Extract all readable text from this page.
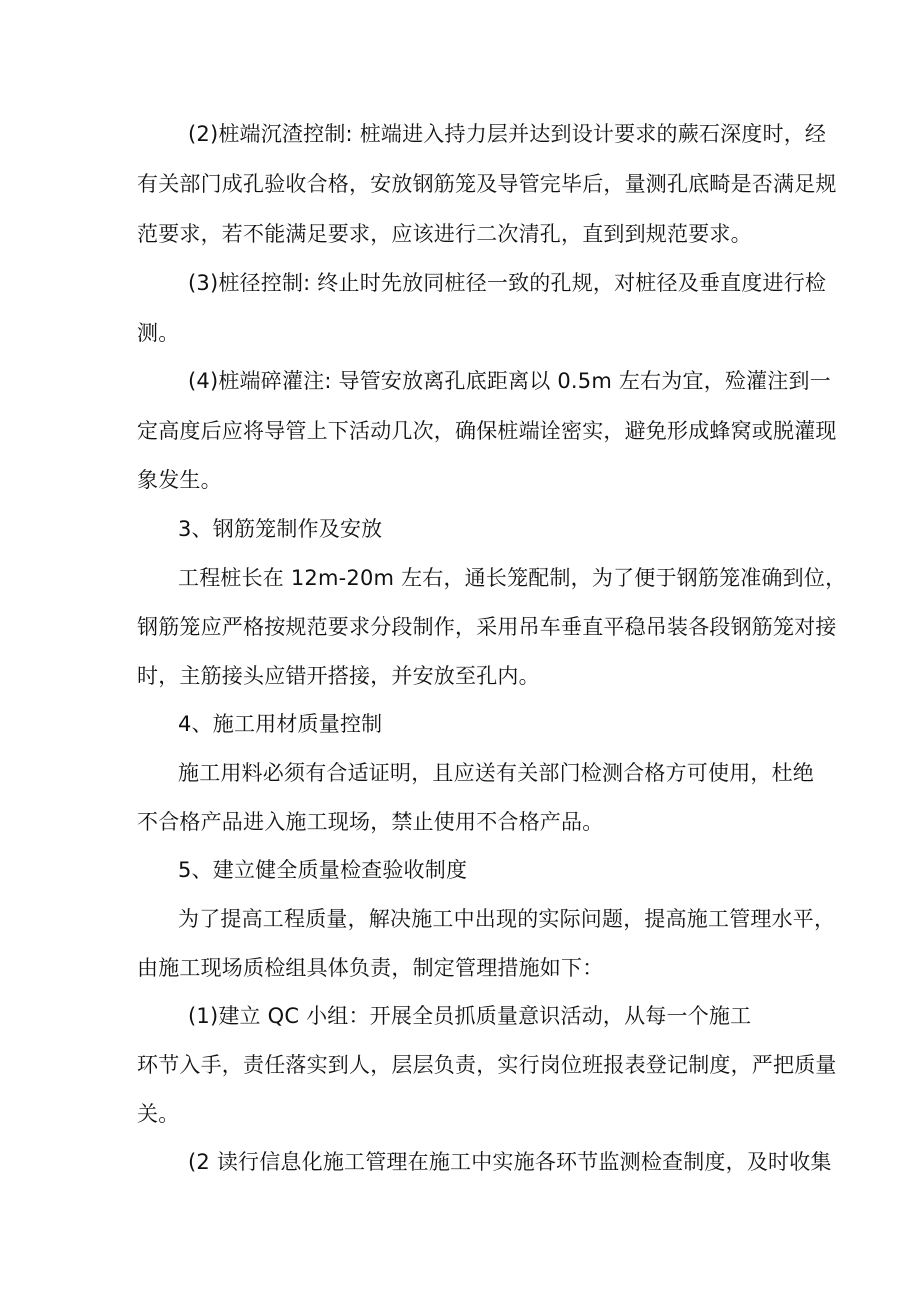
(2)桩端沉渣控制: 桩端进入持力层并达到设计要求的蕨石深度时，经
有关部门成孔验收合格，安放钢筋笼及导管完毕后，量测孔底畸是否满足规
范要求，若不能满足要求，应该进行二次清孔，直到到规范要求。
(3)桩径控制: 终止时先放同桩径一致的孔规，对桩径及垂直度进行检
测。
(4)桩端碎灌注: 导管安放离孔底距离以 0.5m 左右为宜，殓灌注到一
定高度后应将导管上下活动几次，确保桩端诠密实，避免形成蜂窝或脱灌现
象发生。
3、钢筋笼制作及安放
工程桩长在 12m-20m 左右，通长笼配制，为了便于钢筋笼准确到位，
钢筋笼应严格按规范要求分段制作，采用吊车垂直平稳吊装各段钢筋笼对接
时，主筋接头应错开搭接，并安放至孔内。
4、施工用材质量控制
施工用料必须有合适证明，且应送有关部门检测合格方可使用，杜绝
不合格产品进入施工现场，禁止使用不合格产品。
5、建立健全质量检查验收制度
为了提高工程质量，解决施工中出现的实际问题，提高施工管理水平，
由施工现场质检组具体负责，制定管理措施如下：
(1)建立 QC 小组：开展全员抓质量意识活动，从每一个施工
环节入手，责任落实到人，层层负责，实行岗位班报表登记制度，严把质量
关。
(2 读行信息化施工管理在施工中实施各环节监测检查制度，及时收集
